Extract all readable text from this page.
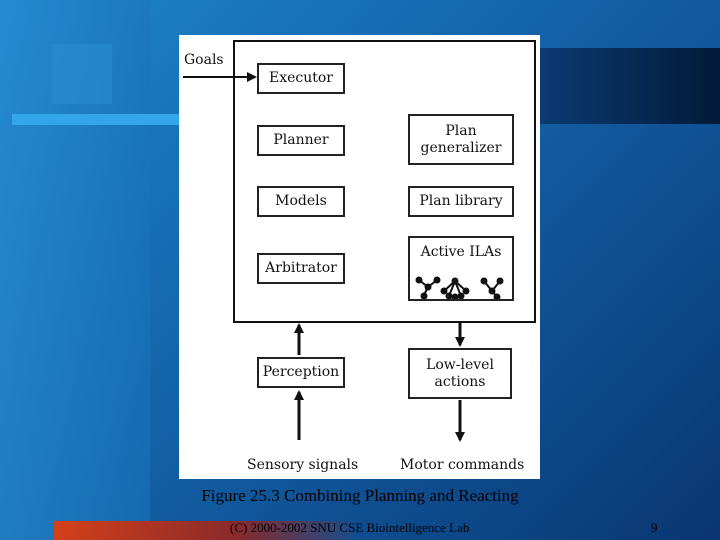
Goals
Executor
Planner
Plan
generalizer
Models	Plan library
Arbitrator
Active ILAs
Perception	Low-level
actions
Sensory signals	Motor commands
Figure 25.3 Combining Planning and Reacting
(C) 2000-2002 SNU CSE Biointelligence Lab	9
